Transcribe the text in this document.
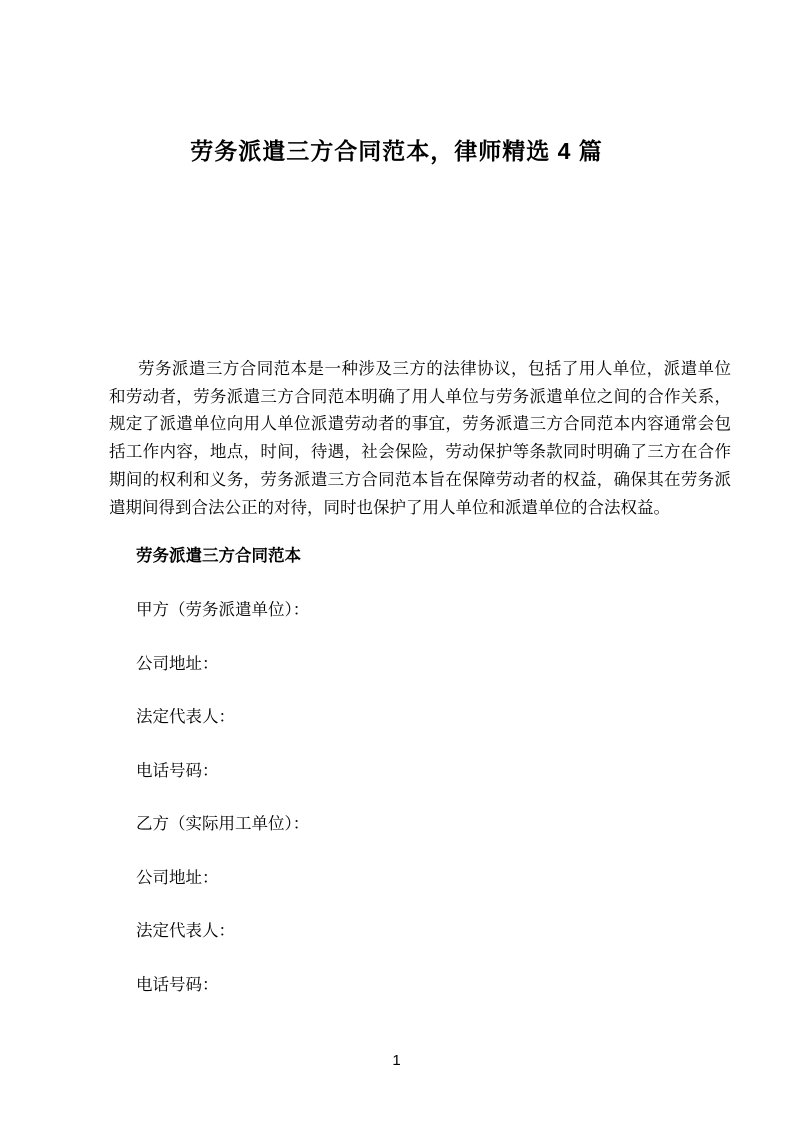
劳务派遣三方合同范本，律师精选 4 篇
劳务派遣三方合同范本是一种涉及三方的法律协议，包括了用人单位，派遣单位
和劳动者，劳务派遣三方合同范本明确了用人单位与劳务派遣单位之间的合作关系，
规定了派遣单位向用人单位派遣劳动者的事宜，劳务派遣三方合同范本内容通常会包
括工作内容，地点，时间，待遇，社会保险，劳动保护等条款同时明确了三方在合作
期间的权利和义务，劳务派遣三方合同范本旨在保障劳动者的权益，确保其在劳务派
遣期间得到合法公正的对待，同时也保护了用人单位和派遣单位的合法权益。
劳务派遣三方合同范本
甲方（劳务派遣单位）：
公司地址：
法定代表人：
电话号码：
乙方（实际用工单位）：
公司地址：
法定代表人：
电话号码：
1
